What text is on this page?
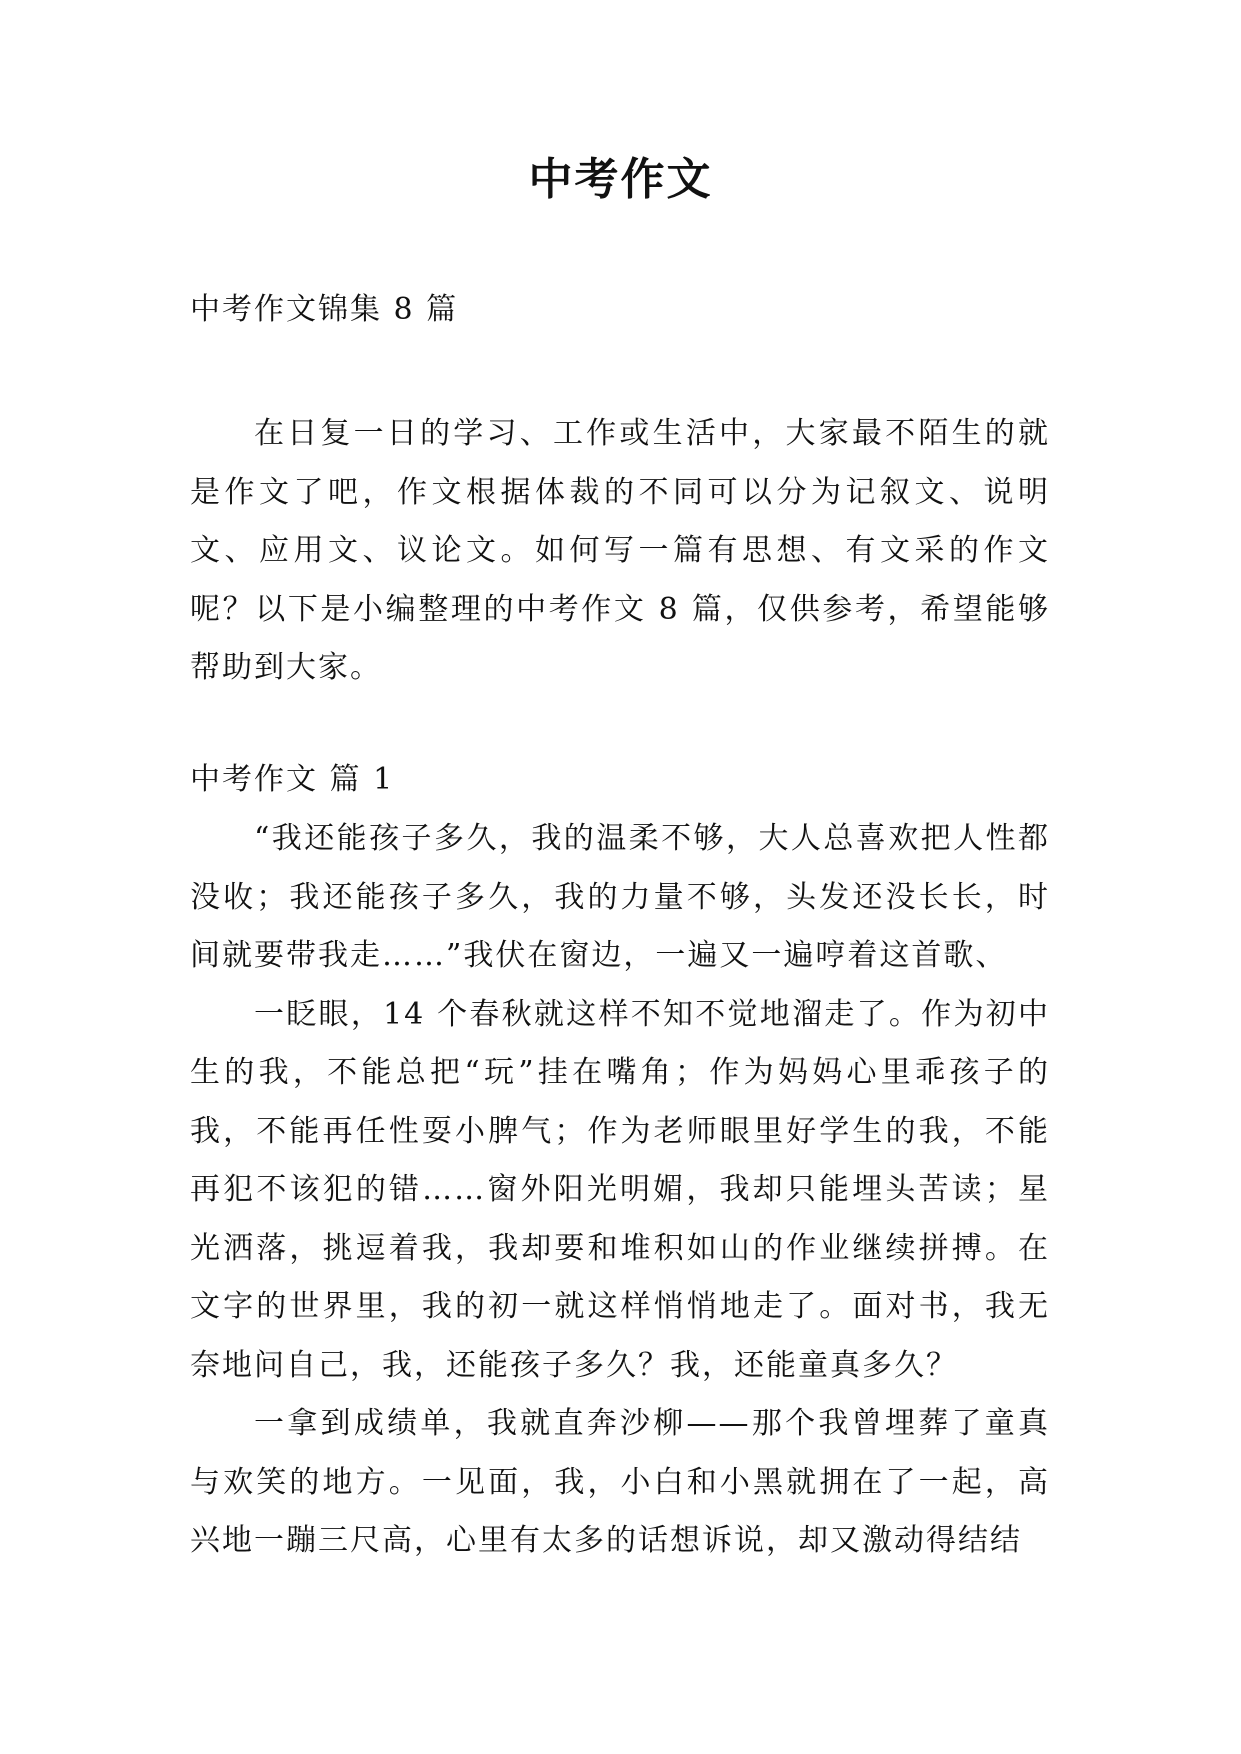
中考作文

中考作文锦集 8 篇

在日复一日的学习、工作或生活中，大家最不陌生的就是作文了吧，作文根据体裁的不同可以分为记叙文、说明文、应用文、议论文。如何写一篇有思想、有文采的作文呢？以下是小编整理的中考作文 8 篇，仅供参考，希望能够帮助到大家。

中考作文 篇 1

“我还能孩子多久，我的温柔不够，大人总喜欢把人性都没收；我还能孩子多久，我的力量不够，头发还没长长，时间就要带我走……”我伏在窗边，一遍又一遍哼着这首歌、

一眨眼，14 个春秋就这样不知不觉地溜走了。作为初中生的我，不能总把“玩”挂在嘴角；作为妈妈心里乖孩子的我，不能再任性耍小脾气；作为老师眼里好学生的我，不能再犯不该犯的错……窗外阳光明媚，我却只能埋头苦读；星光洒落，挑逗着我，我却要和堆积如山的作业继续拼搏。在文字的世界里，我的初一就这样悄悄地走了。面对书，我无奈地问自己，我，还能孩子多久？我，还能童真多久？

一拿到成绩单，我就直奔沙柳——那个我曾埋葬了童真与欢笑的地方。一见面，我，小白和小黑就拥在了一起，高兴地一蹦三尺高，心里有太多的话想诉说，却又激动得结结
